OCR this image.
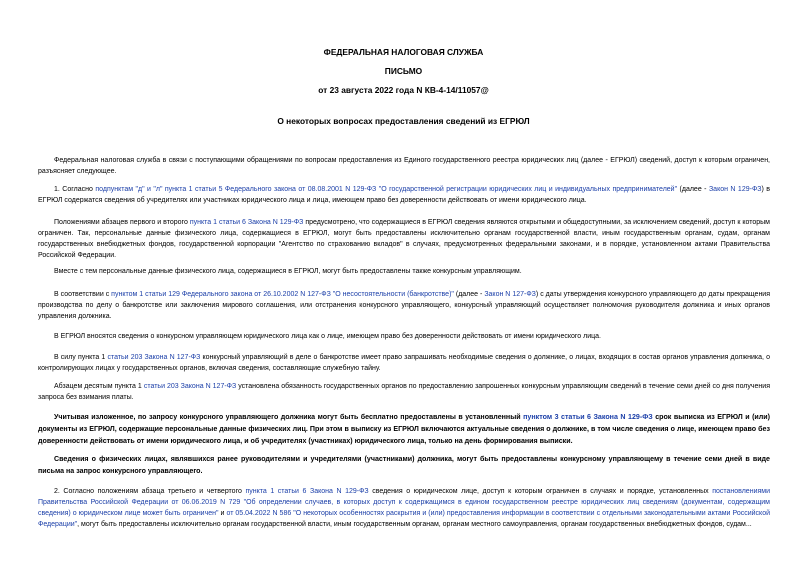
ФЕДЕРАЛЬНАЯ НАЛОГОВАЯ СЛУЖБА
ПИСЬМО
от 23 августа 2022 года N КВ-4-14/11057@
О некоторых вопросах предоставления сведений из ЕГРЮЛ
Федеральная налоговая служба в связи с поступающими обращениями по вопросам предоставления из Единого государственного реестра юридических лиц (далее - ЕГРЮЛ) сведений, доступ к которым ограничен, разъясняет следующее.
1. Согласно подпунктам "д" и "л" пункта 1 статьи 5 Федерального закона от 08.08.2001 N 129-ФЗ "О государственной регистрации юридических лиц и индивидуальных предпринимателей" (далее - Закон N 129-ФЗ) в ЕГРЮЛ содержатся сведения об учредителях или участниках юридического лица и лица, имеющем право без доверенности действовать от имени юридического лица.
Положениями абзацев первого и второго пункта 1 статьи 6 Закона N 129-ФЗ предусмотрено, что содержащиеся в ЕГРЮЛ сведения являются открытыми и общедоступными, за исключением сведений, доступ к которым ограничен. Так, персональные данные физического лица, содержащиеся в ЕГРЮЛ, могут быть предоставлены исключительно органам государственной власти, иным государственным органам, судам, органам государственных внебюджетных фондов, государственной корпорации "Агентство по страхованию вкладов" в случаях, предусмотренных федеральными законами, и в порядке, установленном актами Правительства Российской Федерации.
Вместе с тем персональные данные физического лица, содержащиеся в ЕГРЮЛ, могут быть предоставлены также конкурсным управляющим.
В соответствии с пунктом 1 статьи 129 Федерального закона от 26.10.2002 N 127-ФЗ "О несостоятельности (банкротстве)" (далее - Закон N 127-ФЗ) с даты утверждения конкурсного управляющего до даты прекращения производства по делу о банкротстве или заключения мирового соглашения, или отстранения конкурсного управляющего, конкурсный управляющий осуществляет полномочия руководителя должника и иных органов управления должника.
В ЕГРЮЛ вносятся сведения о конкурсном управляющем юридического лица как о лице, имеющем право без доверенности действовать от имени юридического лица.
В силу пункта 1 статьи 203 Закона N 127-ФЗ конкурсный управляющий в деле о банкротстве имеет право запрашивать необходимые сведения о должнике, о лицах, входящих в состав органов управления должника, о контролирующих лицах у государственных органов, включая сведения, составляющие служебную тайну.
Абзацем десятым пункта 1 статьи 203 Закона N 127-ФЗ установлена обязанность государственных органов по предоставлению запрошенных конкурсным управляющим сведений в течение семи дней со дня получения запроса без взимания платы.
Учитывая изложенное, по запросу конкурсного управляющего должника могут быть бесплатно предоставлены в установленный пунктом 3 статьи 6 Закона N 129-ФЗ срок выписка из ЕГРЮЛ и (или) документы из ЕГРЮЛ, содержащие персональные данные физических лиц. При этом в выписку из ЕГРЮЛ включаются актуальные сведения о должнике, в том числе сведения о лице, имеющем право без доверенности действовать от имени юридического лица, и об учредителях (участниках) юридического лица, только на день формирования выписки.
Сведения о физических лицах, являвшихся ранее руководителями и учредителями (участниками) должника, могут быть предоставлены конкурсному управляющему в течение семи дней в виде письма на запрос конкурсного управляющего.
2. Согласно положениям абзаца третьего и четвертого пункта 1 статьи 6 Закона N 129-ФЗ сведения о юридическом лице, доступ к которым ограничен в случаях и порядке, установленных постановлениями Правительства Российской Федерации от 06.06.2019 N 729 "Об определении случаев, в которых доступ к содержащимся в едином государственном реестре юридических лиц сведениям (документам, содержащим сведения) о юридическом лице может быть ограничен" и от 05.04.2022 N 586 "О некоторых особенностях раскрытия и (или) предоставления информации в соответствии с отдельными законодательными актами Российской Федерации", могут быть предоставлены исключительно органам государственной власти, иным государственным органам, органам местного самоуправления, органам государственных внебюджетных фондов, судам...
